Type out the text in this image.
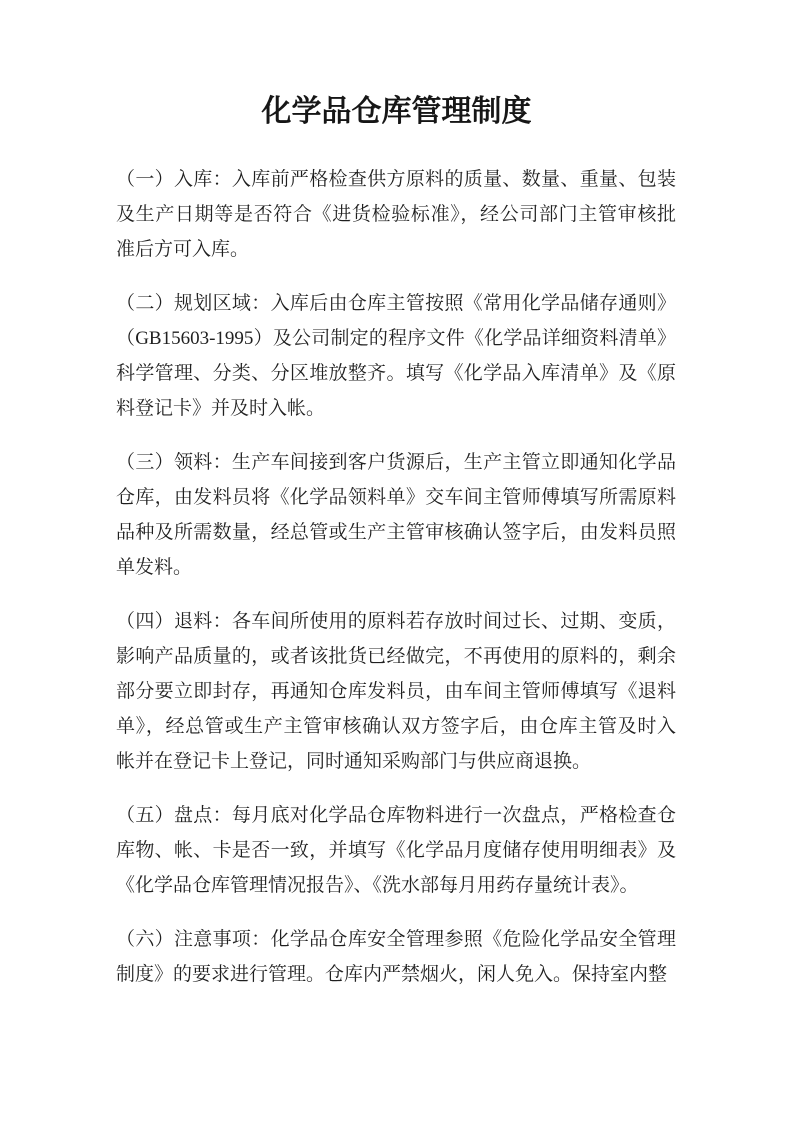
化学品仓库管理制度

（一）入库：入库前严格检查供方原料的质量、数量、重量、包装
及生产日期等是否符合《进货检验标准》，经公司部门主管审核批
准后方可入库。

（二）规划区域：入库后由仓库主管按照《常用化学品储存通则》
（GB15603-1995）及公司制定的程序文件《化学品详细资料清单》
科学管理、分类、分区堆放整齐。填写《化学品入库清单》及《原
料登记卡》并及时入帐。

（三）领料：生产车间接到客户货源后，生产主管立即通知化学品
仓库，由发料员将《化学品领料单》交车间主管师傅填写所需原料
品种及所需数量，经总管或生产主管审核确认签字后，由发料员照
单发料。

（四）退料：各车间所使用的原料若存放时间过长、过期、变质，
影响产品质量的，或者该批货已经做完，不再使用的原料的，剩余
部分要立即封存，再通知仓库发料员，由车间主管师傅填写《退料
单》，经总管或生产主管审核确认双方签字后，由仓库主管及时入
帐并在登记卡上登记，同时通知采购部门与供应商退换。

（五）盘点：每月底对化学品仓库物料进行一次盘点，严格检查仓
库物、帐、卡是否一致，并填写《化学品月度储存使用明细表》及
《化学品仓库管理情况报告》、《洗水部每月用药存量统计表》。

（六）注意事项：化学品仓库安全管理参照《危险化学品安全管理
制度》的要求进行管理。仓库内严禁烟火，闲人免入。保持室内整
